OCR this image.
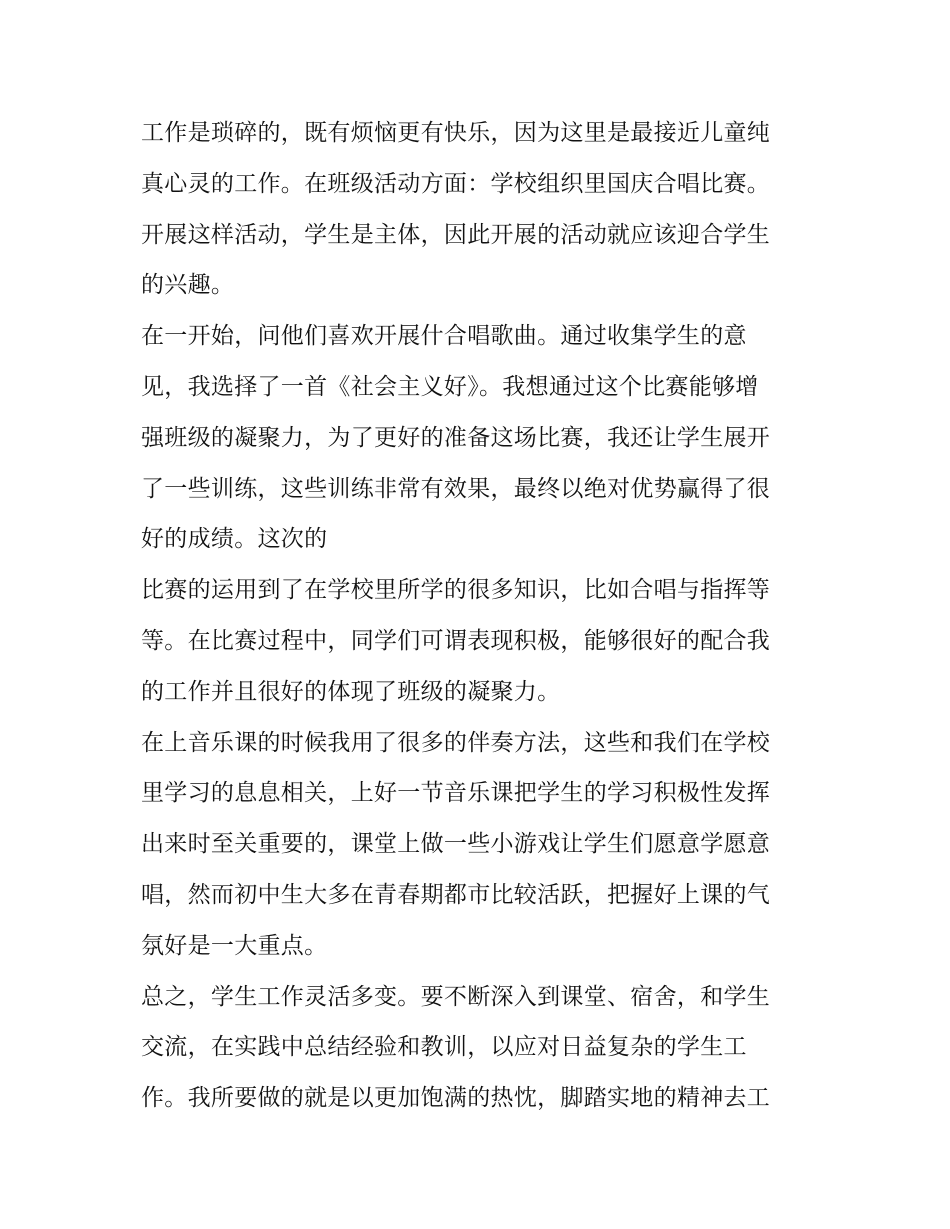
工作是琐碎的，既有烦恼更有快乐，因为这里是最接近儿童纯
真心灵的工作。在班级活动方面：学校组织里国庆合唱比赛。
开展这样活动，学生是主体，因此开展的活动就应该迎合学生
的兴趣。
在一开始，问他们喜欢开展什合唱歌曲。通过收集学生的意
见，我选择了一首《社会主义好》。我想通过这个比赛能够增
强班级的凝聚力，为了更好的准备这场比赛，我还让学生展开
了一些训练，这些训练非常有效果，最终以绝对优势赢得了很
好的成绩。这次的
比赛的运用到了在学校里所学的很多知识，比如合唱与指挥等
等。在比赛过程中，同学们可谓表现积极，能够很好的配合我
的工作并且很好的体现了班级的凝聚力。
在上音乐课的时候我用了很多的伴奏方法，这些和我们在学校
里学习的息息相关，上好一节音乐课把学生的学习积极性发挥
出来时至关重要的，课堂上做一些小游戏让学生们愿意学愿意
唱，然而初中生大多在青春期都市比较活跃，把握好上课的气
氛好是一大重点。
总之，学生工作灵活多变。要不断深入到课堂、宿舍，和学生
交流，在实践中总结经验和教训，以应对日益复杂的学生工
作。我所要做的就是以更加饱满的热忱，脚踏实地的精神去工
